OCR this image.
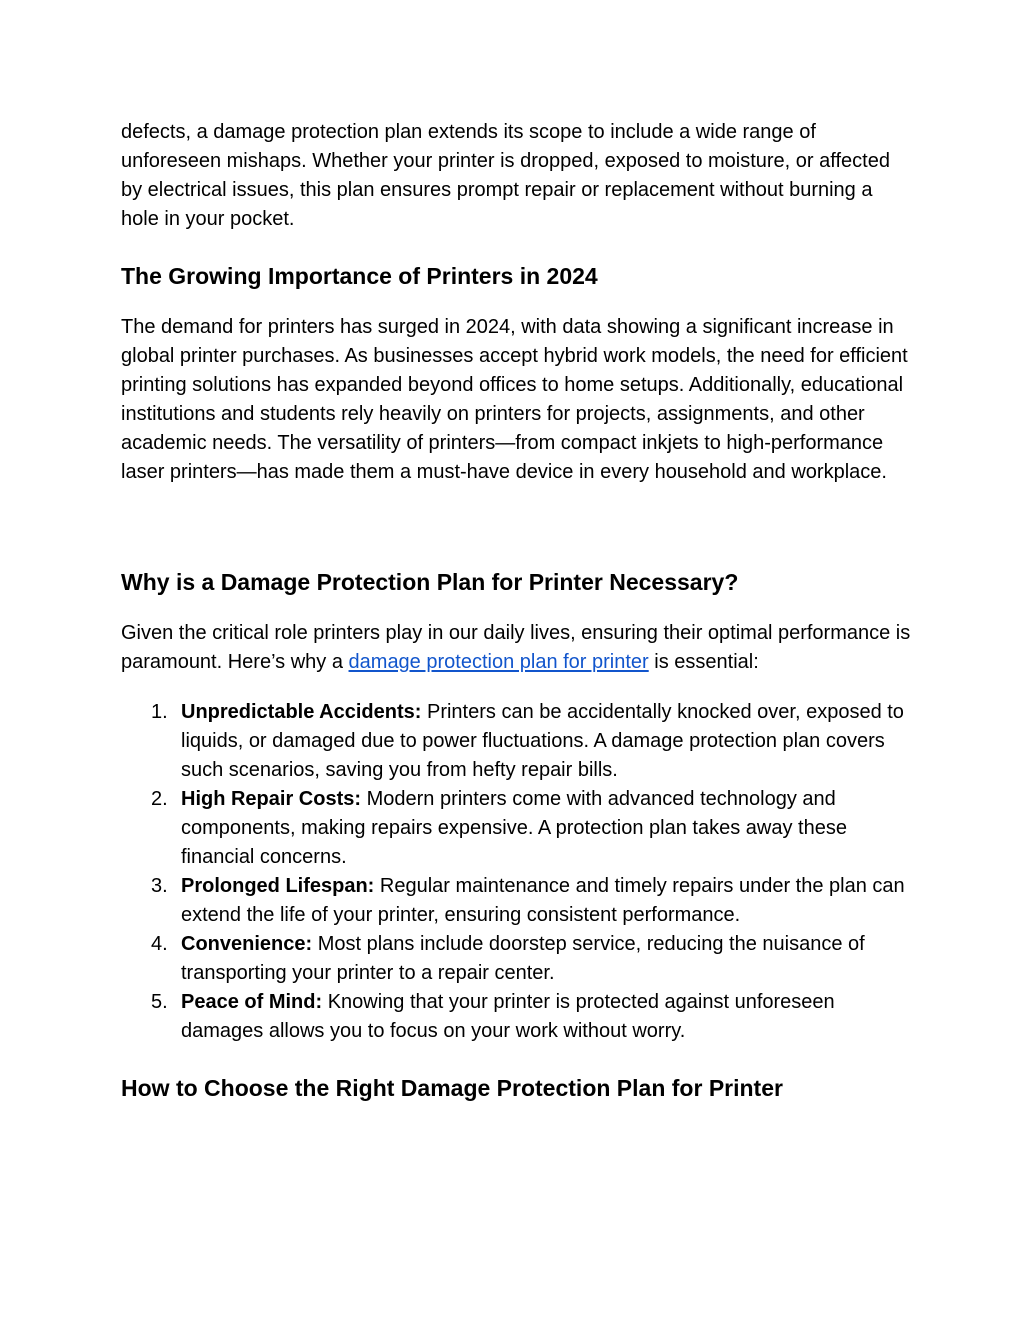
defects, a damage protection plan extends its scope to include a wide range of unforeseen mishaps. Whether your printer is dropped, exposed to moisture, or affected by electrical issues, this plan ensures prompt repair or replacement without burning a hole in your pocket.

The Growing Importance of Printers in 2024

The demand for printers has surged in 2024, with data showing a significant increase in global printer purchases. As businesses accept hybrid work models, the need for efficient printing solutions has expanded beyond offices to home setups. Additionally, educational institutions and students rely heavily on printers for projects, assignments, and other academic needs. The versatility of printers—from compact inkjets to high-performance laser printers—has made them a must-have device in every household and workplace.

Why is a Damage Protection Plan for Printer Necessary?

Given the critical role printers play in our daily lives, ensuring their optimal performance is paramount. Here’s why a damage protection plan for printer is essential:

1. Unpredictable Accidents: Printers can be accidentally knocked over, exposed to liquids, or damaged due to power fluctuations. A damage protection plan covers such scenarios, saving you from hefty repair bills.
2. High Repair Costs: Modern printers come with advanced technology and components, making repairs expensive. A protection plan takes away these financial concerns.
3. Prolonged Lifespan: Regular maintenance and timely repairs under the plan can extend the life of your printer, ensuring consistent performance.
4. Convenience: Most plans include doorstep service, reducing the nuisance of transporting your printer to a repair center.
5. Peace of Mind: Knowing that your printer is protected against unforeseen damages allows you to focus on your work without worry.
How to Choose the Right Damage Protection Plan for Printer
